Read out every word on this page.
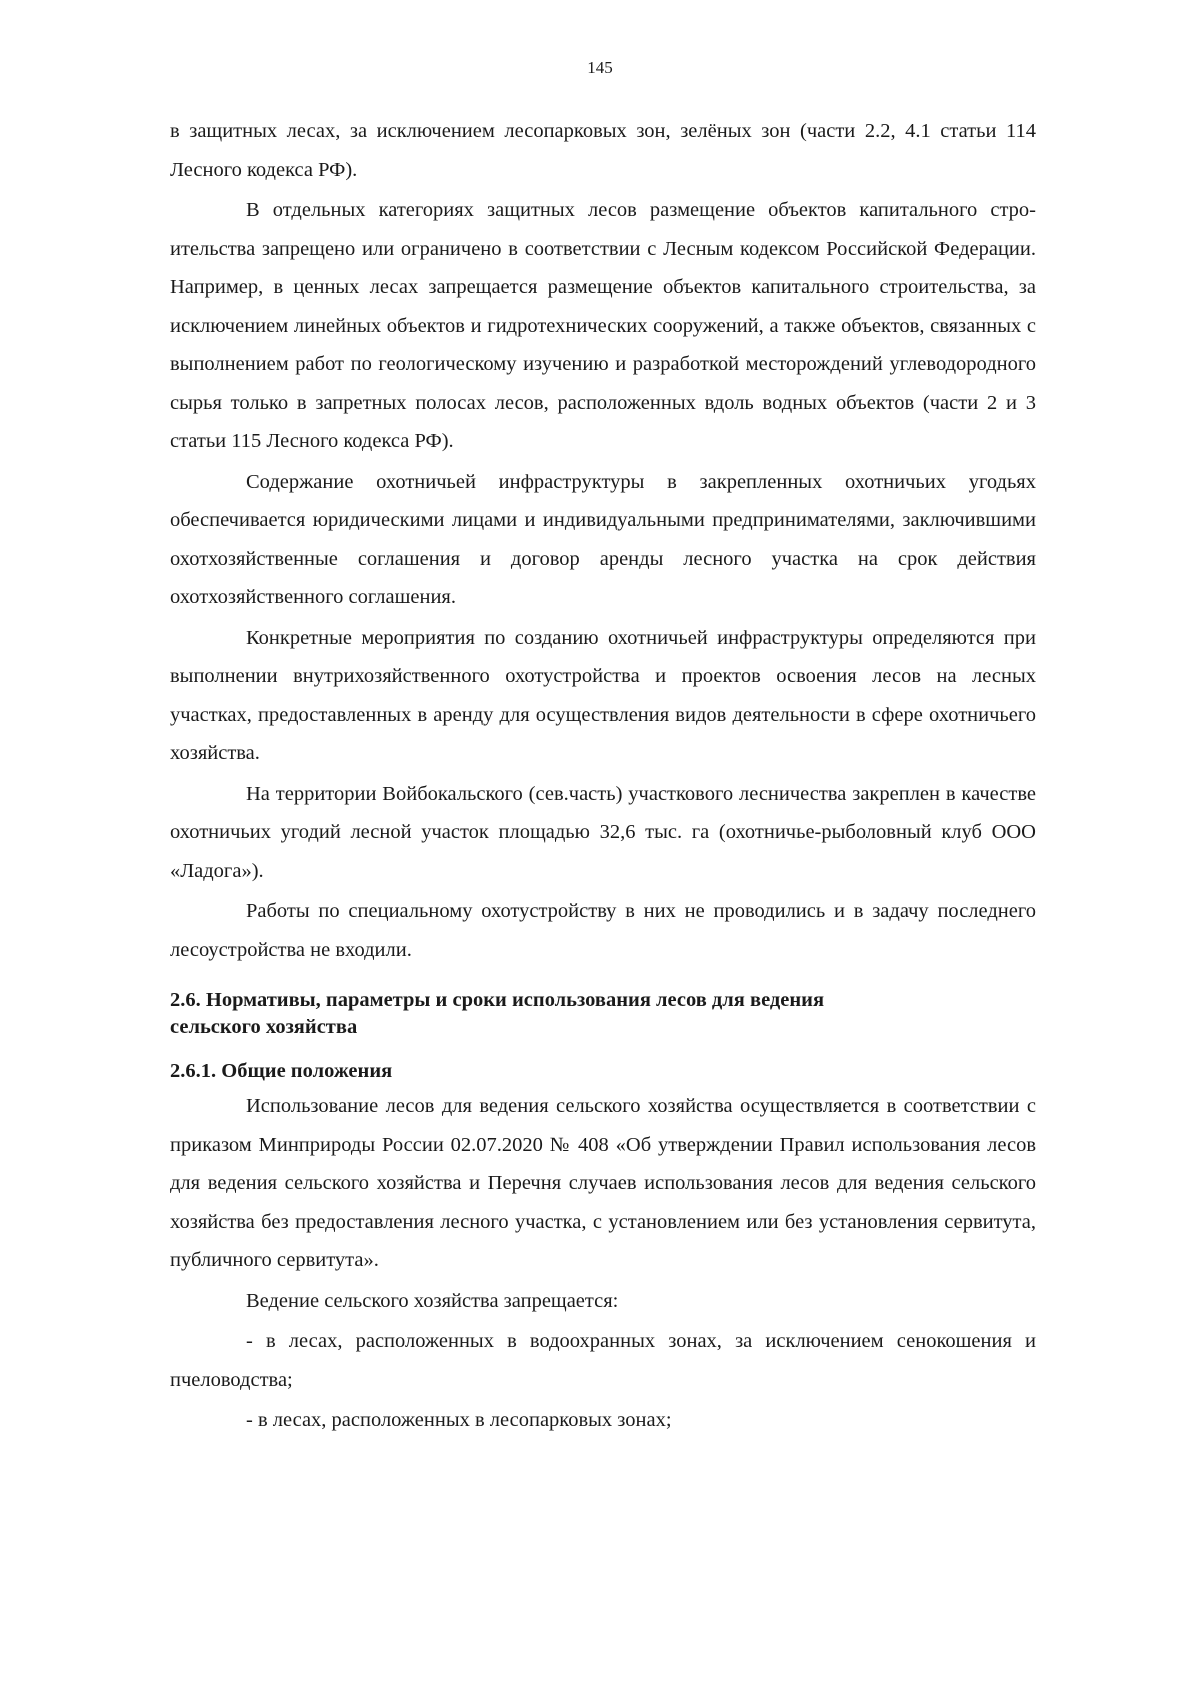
145

в защитных лесах, за исключением лесопарковых зон, зелёных зон (части 2.2, 4.1 статьи 114 Лесного кодекса РФ).

В отдельных категориях защитных лесов размещение объектов капитального строительства запрещено или ограничено в соответствии с Лесным кодексом Российской Федерации. Например, в ценных лесах запрещается размещение объектов капитального строительства, за исключением линейных объектов и гидротехнических сооружений, а также объектов, связанных с выполнением работ по геологическому изучению и разработкой месторождений углеводородного сырья только в запретных полосах лесов, расположенных вдоль водных объектов (части 2 и 3 статьи 115 Лесного кодекса РФ).

Содержание охотничьей инфраструктуры в закрепленных охотничьих угодьях обеспечивается юридическими лицами и индивидуальными предпринимателями, заключившими охотхозяйственные соглашения и договор аренды лесного участка на срок действия охотхозяйственного соглашения.

Конкретные мероприятия по созданию охотничьей инфраструктуры определяются при выполнении внутрихозяйственного охотустройства и проектов освоения лесов на лесных участках, предоставленных в аренду для осуществления видов деятельности в сфере охотничьего хозяйства.

На территории Войбокальского (сев.часть) участкового лесничества закреплен в качестве охотничьих угодий лесной участок площадью 32,6 тыс. га (охотничье-рыболовный клуб ООО «Ладога»).

Работы по специальному охотустройству в них не проводились и в задачу последнего лесоустройства не входили.

2.6. Нормативы, параметры и сроки использования лесов для ведения
сельского хозяйства

2.6.1. Общие положения

Использование лесов для ведения сельского хозяйства осуществляется в соответствии с приказом Минприроды России 02.07.2020 № 408 «Об утверждении Правил использования лесов для ведения сельского хозяйства и Перечня случаев использования лесов для ведения сельского хозяйства без предоставления лесного участка, с установлением или без установления сервитута, публичного сервитута».

Ведение сельского хозяйства запрещается:

- в лесах, расположенных в водоохранных зонах, за исключением сенокошения и пчеловодства;

- в лесах, расположенных в лесопарковых зонах;
